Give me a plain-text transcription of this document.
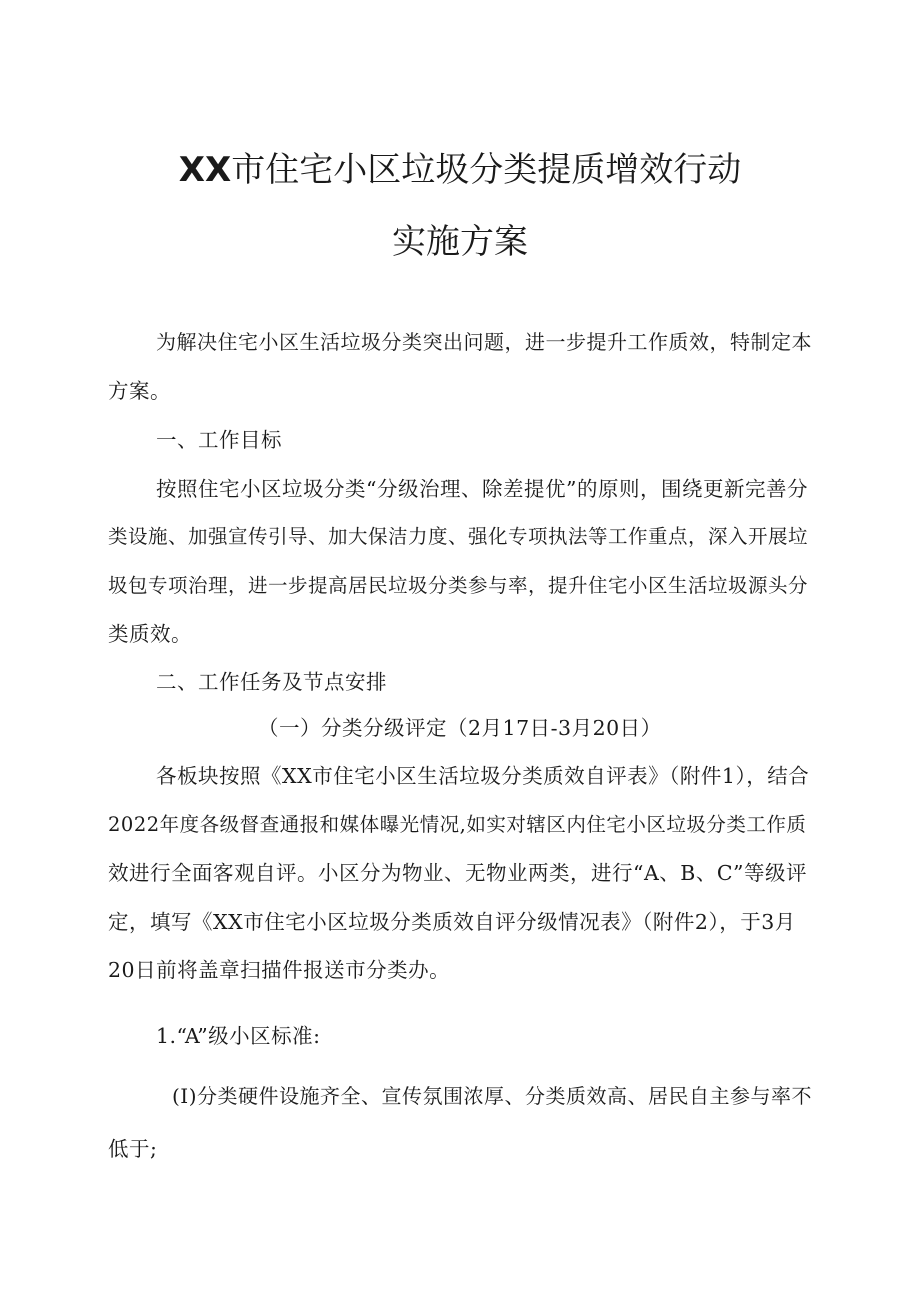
XX市住宅小区垃圾分类提质增效行动
实施方案
为解决住宅小区生活垃圾分类突出问题，进一步提升工作质效，特制定本
方案。
一、工作目标
按照住宅小区垃圾分类“分级治理、除差提优”的原则，围绕更新完善分
类设施、加强宣传引导、加大保洁力度、强化专项执法等工作重点，深入开展垃
圾包专项治理，进一步提高居民垃圾分类参与率，提升住宅小区生活垃圾源头分
类质效。
二、工作任务及节点安排
（一）分类分级评定（2月17日-3月20日）
各板块按照《XX市住宅小区生活垃圾分类质效自评表》（附件1），结合
2022年度各级督查通报和媒体曝光情况,如实对辖区内住宅小区垃圾分类工作质
效进行全面客观自评。小区分为物业、无物业两类，进行“A、B、C”等级评
定，填写《XX市住宅小区垃圾分类质效自评分级情况表》（附件2），于3月
20日前将盖章扫描件报送市分类办。
1.“A”级小区标准:
(I)分类硬件设施齐全、宣传氛围浓厚、分类质效高、居民自主参与率不
低于;
